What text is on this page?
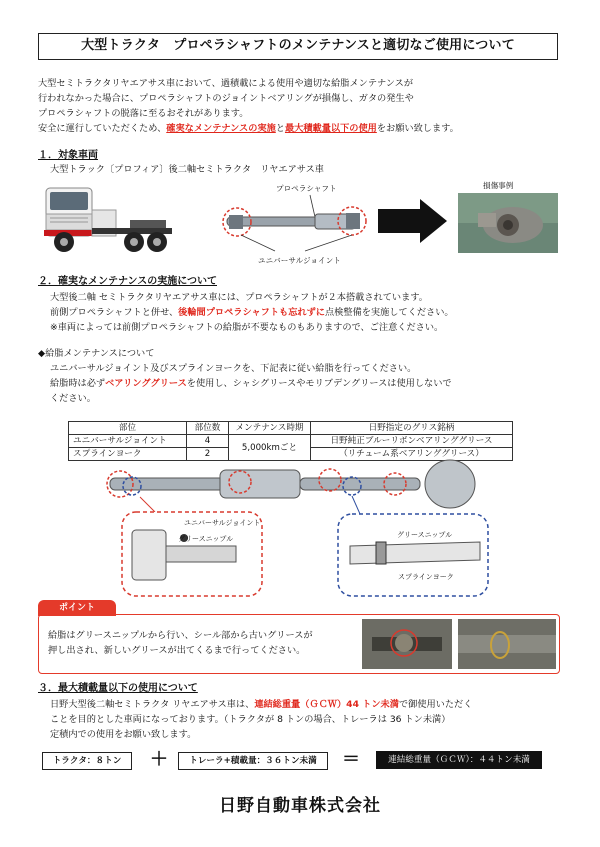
大型トラクタ　プロペラシャフトのメンテナンスと適切なご使用について

大型セミトラクタリヤエアサス車において、過積載による使用や適切な給脂メンテナンスが

行われなかった場合に、プロペラシャフトのジョイントベアリングが損傷し、ガタの発生や

プロペラシャフトの脱落に至るおそれがあります。

安全に運行していただくため、確実なメンテナンスの実施と最大積載量以下の使用をお願い致します。

１．対象車両
大型トラック〔プロフィア〕後二軸セミトラクタ　リヤエアサス車
プロペラシャフト
ユニバーサルジョイント
損傷事例
２．確実なメンテナンスの実施について
大型後二軸 セミトラクタリヤエアサス車には、プロペラシャフトが２本搭載されています。
前側プロペラシャフトと併せ、後輪間プロペラシャフトも忘れずに点検整備を実施してください。
※車両によっては前側プロペラシャフトの給脂が不要なものもありますので、ご注意ください。
◆給脂メンテナンスについて
ユニバーサルジョイント及びスプラインヨークを、下記表に従い給脂を行ってください。
給脂時は必ずベアリンググリースを使用し、シャシグリースやモリブデングリースは使用しないで
ください。
部位	部位数	メンテナンス時期	日野指定のグリス銘柄
ユニバーサルジョイント	4	5,000kmごと	日野純正ブルーリボンベアリンググリース
スプラインヨーク	2		（リチューム系ベアリンググリース）
ユニバーサルジョイント
グリースニップル	グリースニップル
スプラインヨーク
ポイント
給脂はグリースニップルから行い、シール部から古いグリースが
押し出され、新しいグリースが出てくるまで行ってください。
３．最大積載量以下の使用について
日野大型後二軸セミトラクタ リヤエアサス車は、連結総重量（ＧＣＷ）44 トン未満で御使用いただく
ことを目的とした車両になっております。（トラクタが 8 トンの場合、トレーラは 36 トン未満）
定積内での使用をお願い致します。
トラクタ：８トン	＋	トレーラ+積載量：３６トン未満	＝	連結総重量（ＧＣＷ）：４４トン未満
日野自動車株式会社
